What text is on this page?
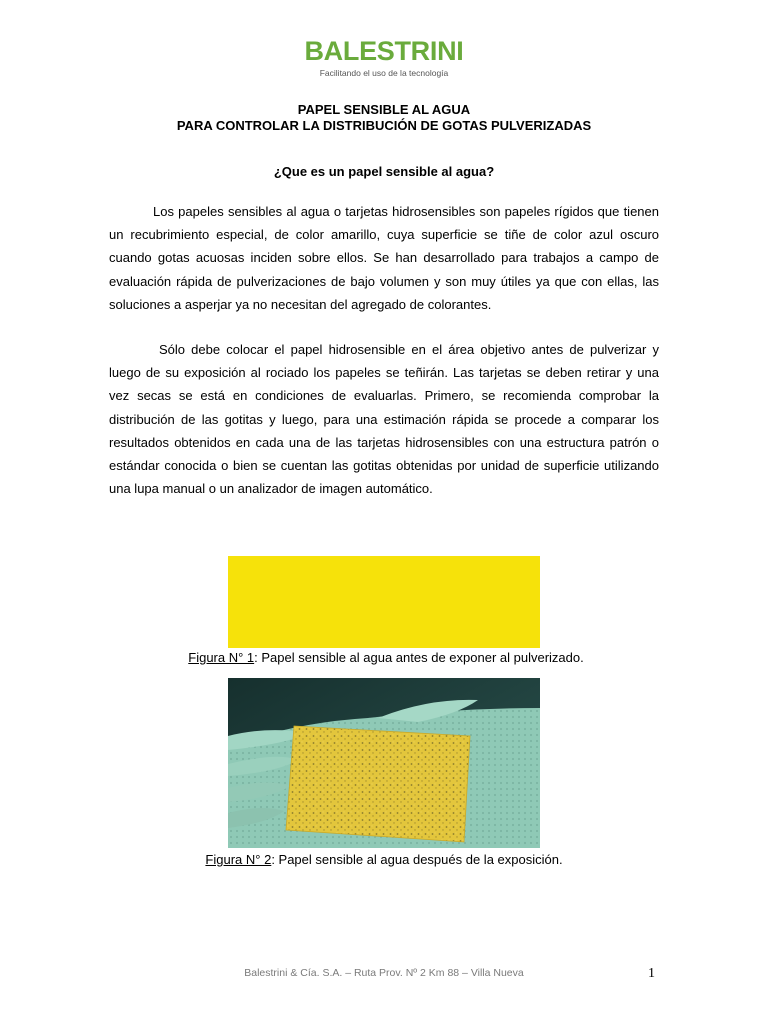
BALESTRINI
Facilitando el uso de la tecnología
PAPEL SENSIBLE AL AGUA
PARA CONTROLAR LA DISTRIBUCIÓN DE GOTAS PULVERIZADAS
¿Que es un papel sensible al agua?

Los papeles sensibles al agua o tarjetas hidrosensibles son papeles rígidos que tienen un recubrimiento especial, de color amarillo, cuya superficie se tiñe de color azul oscuro cuando gotas acuosas inciden sobre ellos. Se han desarrollado para trabajos a campo de evaluación rápida de pulverizaciones de bajo volumen y son muy útiles ya que con ellas, las soluciones a asperjar ya no necesitan del agregado de colorantes.

Sólo debe colocar el papel hidrosensible en el área objetivo antes de pulverizar y luego de su exposición al rociado los papeles se teñirán. Las tarjetas se deben retirar y una vez secas se está en condiciones de evaluarlas. Primero, se recomienda comprobar la distribución de las gotitas y luego, para una estimación rápida se procede a comparar los resultados obtenidos en cada una de las tarjetas hidrosensibles con una estructura patrón o estándar conocida o bien se cuentan las gotitas obtenidas por unidad de superficie utilizando una lupa manual o un analizador de imagen automático.

Figura N° 1: Papel sensible al agua antes de exponer al pulverizado.
Figura N° 2: Papel sensible al agua después de la exposición.
Balestrini & Cía. S.A. – Ruta Prov. Nº 2 Km 88 – Villa Nueva	1
